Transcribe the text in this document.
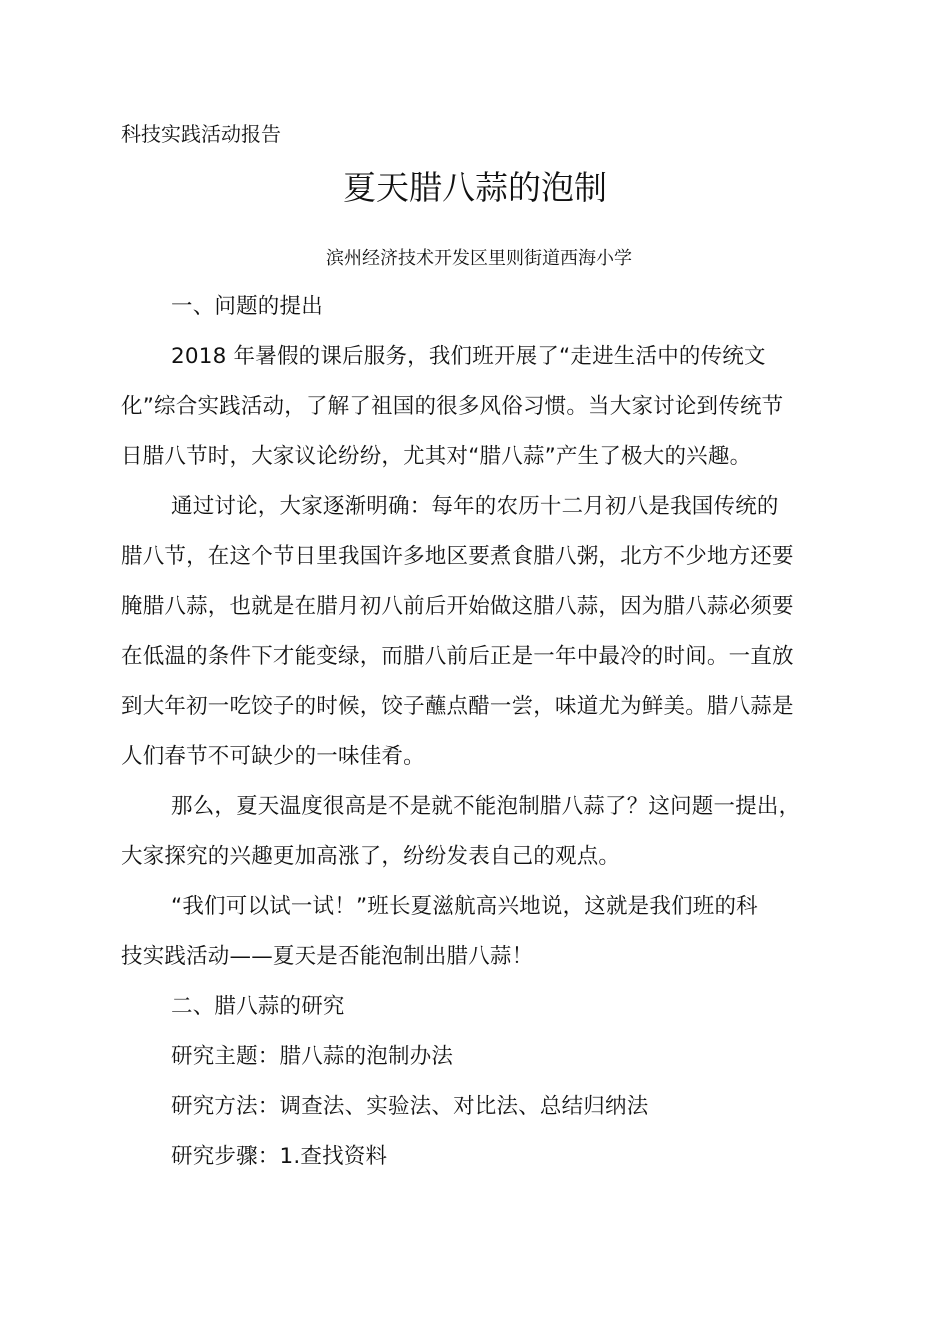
科技实践活动报告
夏天腊八蒜的泡制
滨州经济技术开发区里则街道西海小学
一、问题的提出
2018 年暑假的课后服务，我们班开展了“走进生活中的传统文
化”综合实践活动，了解了祖国的很多风俗习惯。当大家讨论到传统节
日腊八节时，大家议论纷纷，尤其对“腊八蒜”产生了极大的兴趣。
通过讨论，大家逐渐明确：每年的农历十二月初八是我国传统的
腊八节，在这个节日里我国许多地区要煮食腊八粥，北方不少地方还要
腌腊八蒜，也就是在腊月初八前后开始做这腊八蒜，因为腊八蒜必须要
在低温的条件下才能变绿，而腊八前后正是一年中最冷的时间。一直放
到大年初一吃饺子的时候，饺子蘸点醋一尝，味道尤为鲜美。腊八蒜是
人们春节不可缺少的一味佳肴。
那么，夏天温度很高是不是就不能泡制腊八蒜了？这问题一提出，
大家探究的兴趣更加高涨了，纷纷发表自己的观点。
“我们可以试一试！”班长夏滋航高兴地说，这就是我们班的科
技实践活动——夏天是否能泡制出腊八蒜！
二、腊八蒜的研究
研究主题：腊八蒜的泡制办法
研究方法：调查法、实验法、对比法、总结归纳法
研究步骤：1.查找资料
